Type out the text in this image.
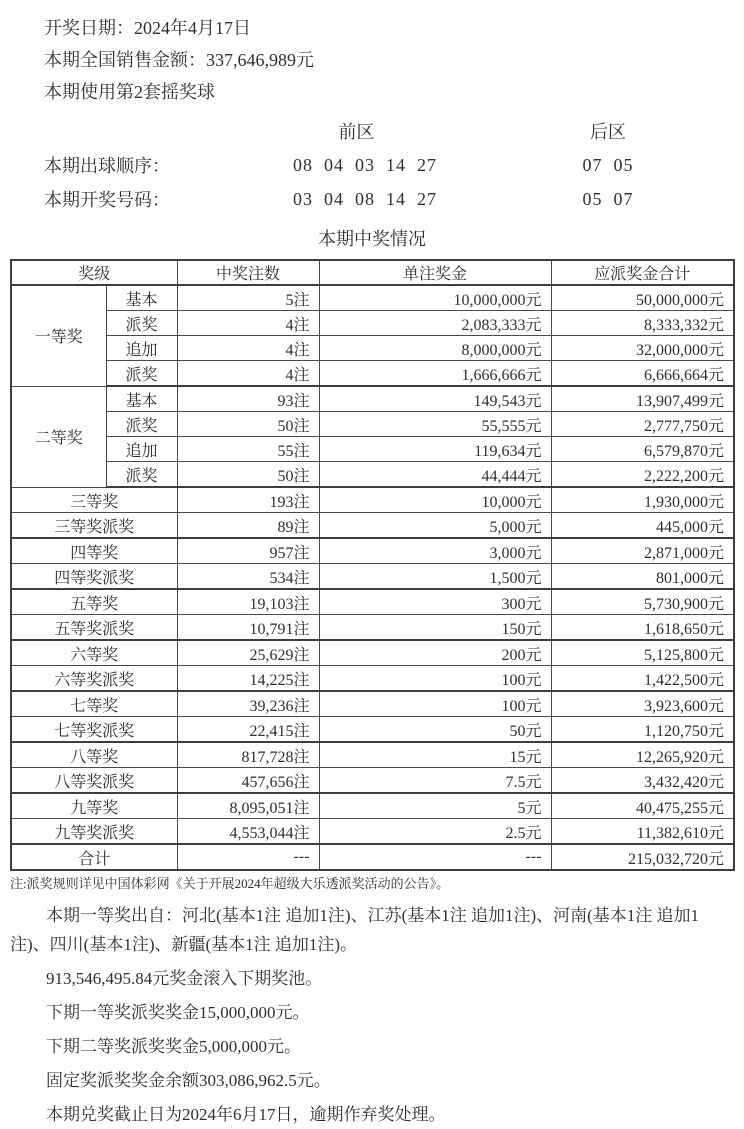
开奖日期：2024年4月17日
本期全国销售金额：337,646,989元
本期使用第2套摇奖球
前区	后区
本期出球顺序：	08  04  03  14  27	07  05
本期开奖号码：	03  04  08  14  27	05  07
本期中奖情况
奖级		中奖注数	单注奖金	应派奖金合计
一等奖	基本	5注	10,000,000元	50,000,000元
	派奖	4注	2,083,333元	8,333,332元
	追加	4注	8,000,000元	32,000,000元
	派奖	4注	1,666,666元	6,666,664元
二等奖	基本	93注	149,543元	13,907,499元
	派奖	50注	55,555元	2,777,750元
	追加	55注	119,634元	6,579,870元
	派奖	50注	44,444元	2,222,200元
三等奖		193注	10,000元	1,930,000元
三等奖派奖		89注	5,000元	445,000元
四等奖		957注	3,000元	2,871,000元
四等奖派奖		534注	1,500元	801,000元
五等奖		19,103注	300元	5,730,900元
五等奖派奖		10,791注	150元	1,618,650元
六等奖		25,629注	200元	5,125,800元
六等奖派奖		14,225注	100元	1,422,500元
七等奖		39,236注	100元	3,923,600元
七等奖派奖		22,415注	50元	1,120,750元
八等奖		817,728注	15元	12,265,920元
八等奖派奖		457,656注	7.5元	3,432,420元
九等奖		8,095,051注	5元	40,475,255元
九等奖派奖		4,553,044注	2.5元	11,382,610元
合计		---	---	215,032,720元
注:派奖规则详见中国体彩网《关于开展2024年超级大乐透派奖活动的公告》。

本期一等奖出自：河北(基本1注 追加1注)、江苏(基本1注 追加1注)、河南(基本1注 追加1注)、四川(基本1注)、新疆(基本1注 追加1注)。

913,546,495.84元奖金滚入下期奖池。

下期一等奖派奖奖金15,000,000元。

下期二等奖派奖奖金5,000,000元。

固定奖派奖奖金余额303,086,962.5元。

本期兑奖截止日为2024年6月17日，逾期作弃奖处理。
